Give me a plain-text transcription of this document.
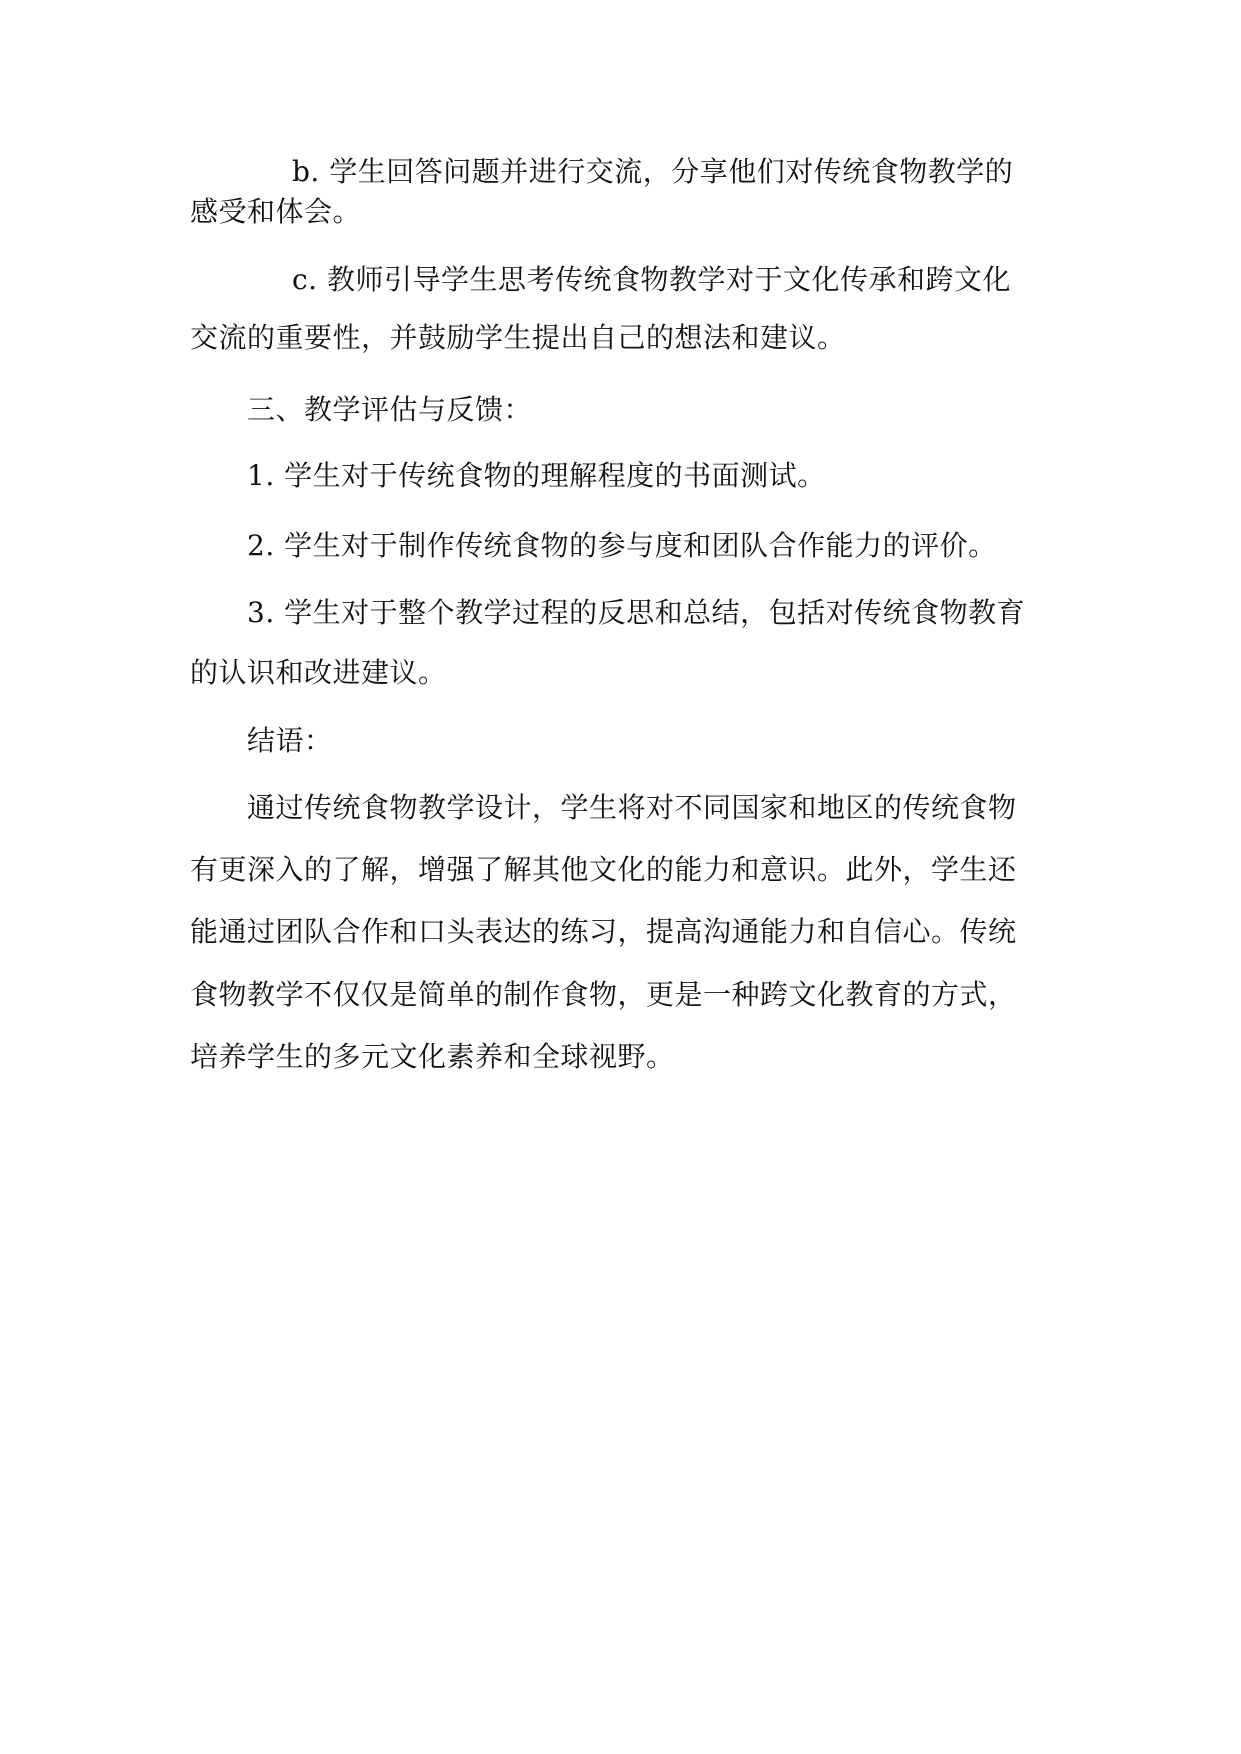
b. 学生回答问题并进行交流，分享他们对传统食物教学的
感受和体会。
c. 教师引导学生思考传统食物教学对于文化传承和跨文化
交流的重要性，并鼓励学生提出自己的想法和建议。
三、教学评估与反馈：
1. 学生对于传统食物的理解程度的书面测试。
2. 学生对于制作传统食物的参与度和团队合作能力的评价。
3. 学生对于整个教学过程的反思和总结，包括对传统食物教育
的认识和改进建议。
结语：
通过传统食物教学设计，学生将对不同国家和地区的传统食物
有更深入的了解，增强了解其他文化的能力和意识。此外，学生还
能通过团队合作和口头表达的练习，提高沟通能力和自信心。传统
食物教学不仅仅是简单的制作食物，更是一种跨文化教育的方式，
培养学生的多元文化素养和全球视野。
